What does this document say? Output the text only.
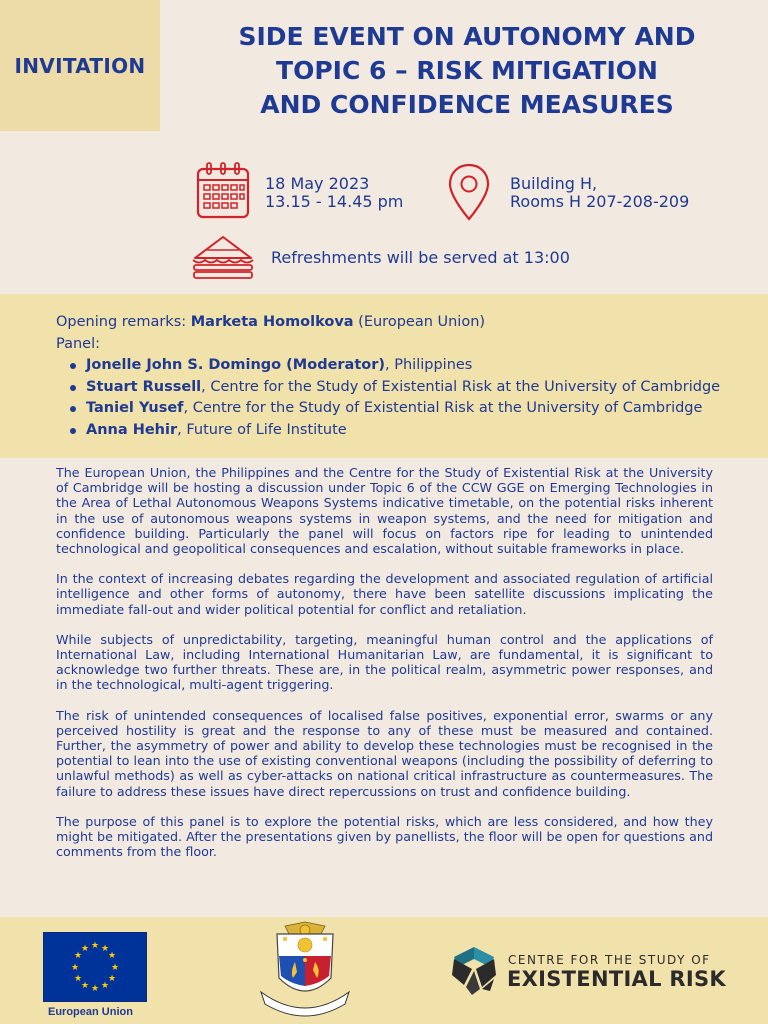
INVITATION
SIDE EVENT ON AUTONOMY AND
TOPIC 6 – RISK MITIGATION
AND CONFIDENCE MEASURES
18 May 2023
13.15 - 14.45 pm
Building H,
Rooms H 207-208-209
Refreshments will be served at 13:00
Opening remarks: Marketa Homolkova (European Union)
Panel:
Jonelle John S. Domingo (Moderator), Philippines
Stuart Russell, Centre for the Study of Existential Risk at the University of Cambridge
Taniel Yusef, Centre for the Study of Existential Risk at the University of Cambridge
Anna Hehir, Future of Life Institute

The European Union, the Philippines and the Centre for the Study of Existential Risk at the University of Cambridge will be hosting a discussion under Topic 6 of the CCW GGE on Emerging Technologies in the Area of Lethal Autonomous Weapons Systems indicative timetable, on the potential risks inherent in the use of autonomous weapons systems in weapon systems, and the need for mitigation and confidence building. Particularly the panel will focus on factors ripe for leading to unintended technological and geopolitical consequences and escalation, without suitable frameworks in place.

In the context of increasing debates regarding the development and associated regulation of artificial intelligence and other forms of autonomy, there have been satellite discussions implicating the immediate fall-out and wider political potential for conflict and retaliation.

While subjects of unpredictability, targeting, meaningful human control and the applications of International Law, including International Humanitarian Law, are fundamental, it is significant to acknowledge two further threats. These are, in the political realm, asymmetric power responses, and in the technological, multi-agent triggering.

The risk of unintended consequences of localised false positives, exponential error, swarms or any perceived hostility is great and the response to any of these must be measured and contained. Further, the asymmetry of power and ability to develop these technologies must be recognised in the potential to lean into the use of existing conventional weapons (including the possibility of deferring to unlawful methods) as well as cyber-attacks on national critical infrastructure as countermeasures. The failure to address these issues have direct repercussions on trust and confidence building.

The purpose of this panel is to explore the potential risks, which are less considered, and how they might be mitigated. After the presentations given by panellists, the floor will be open for questions and comments from the floor.

★ ★
★
★
★
★
★
★
★
★
★
★
European Union
CENTRE FOR THE STUDY OF
EXISTENTIAL RISK
